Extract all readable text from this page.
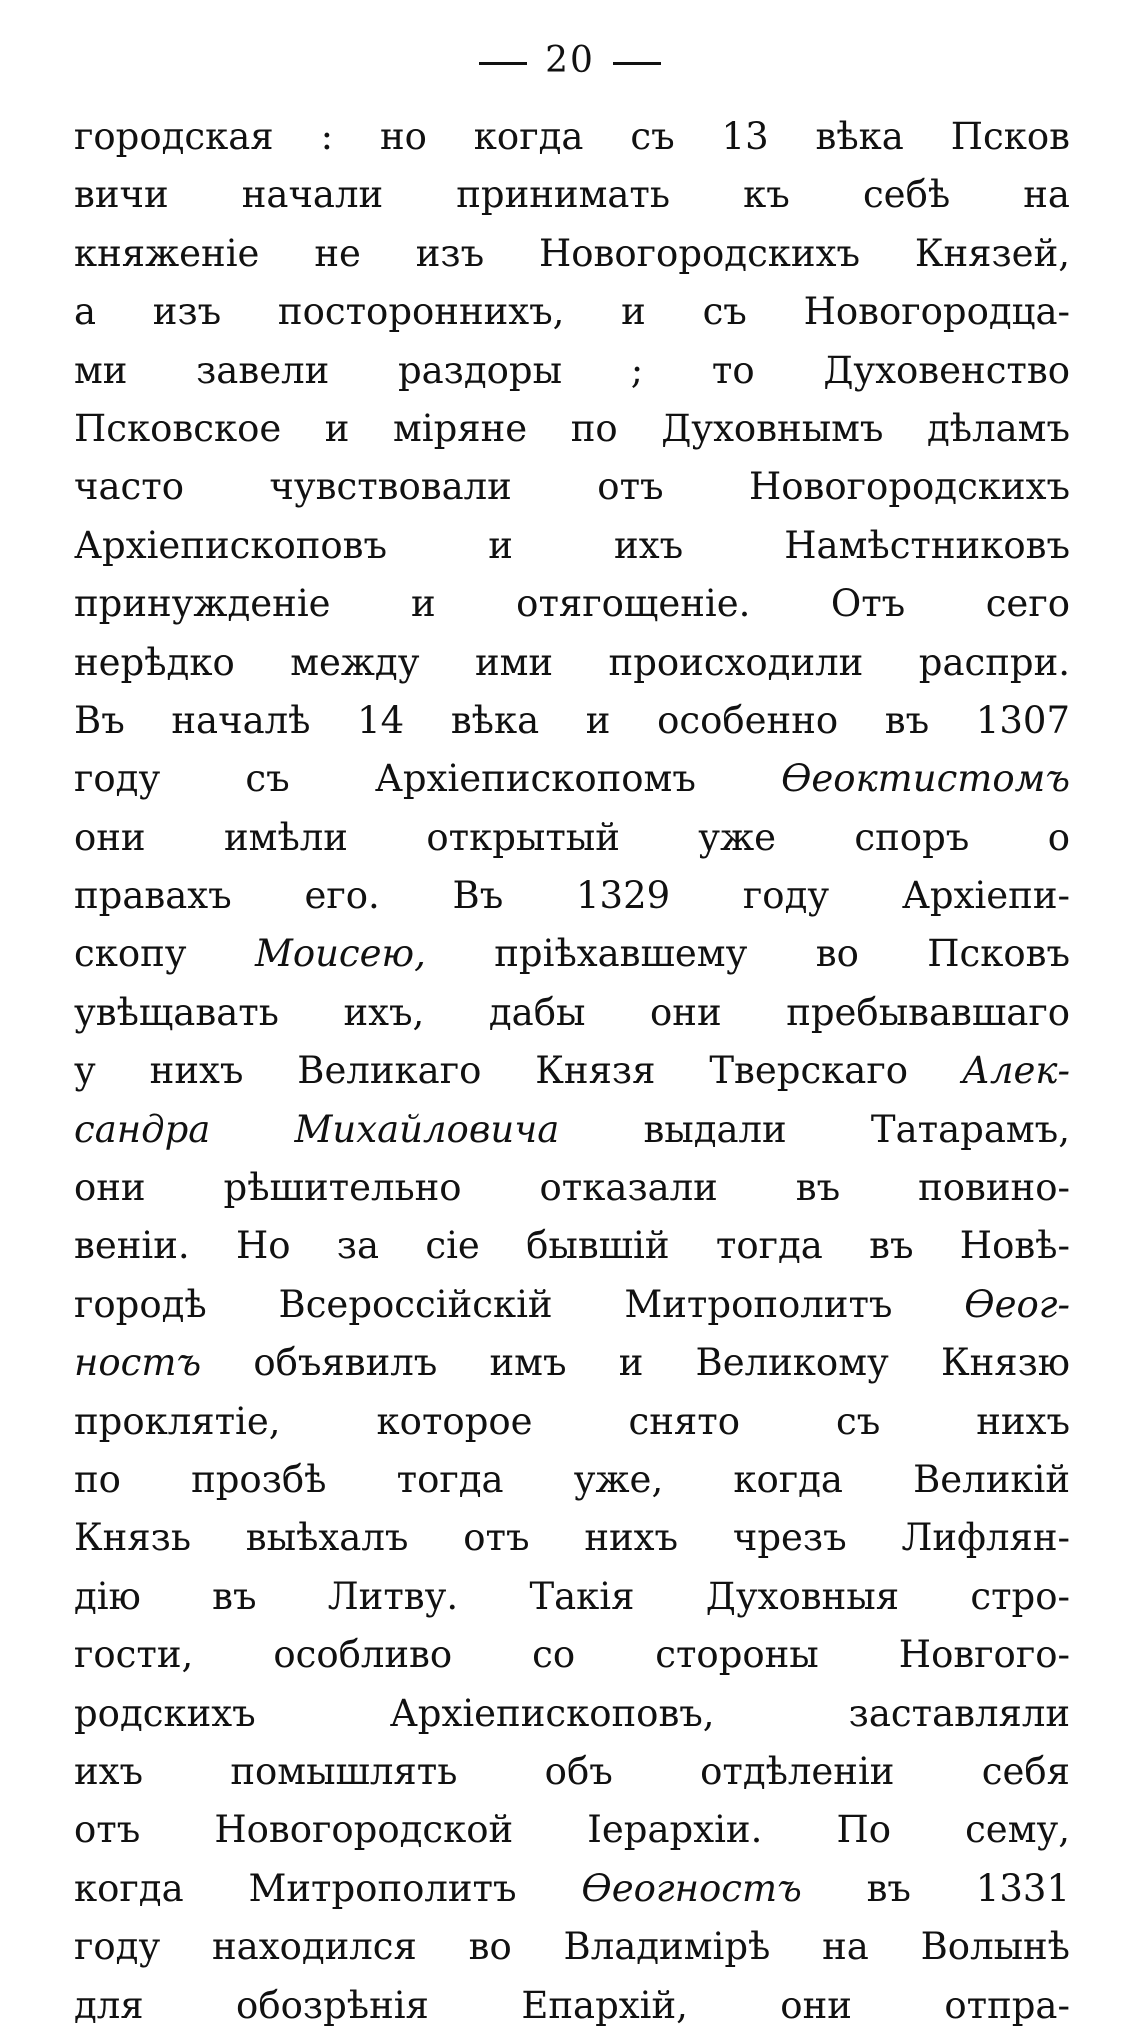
20
городская : но когда съ 13 вѣка Псков
вичи начали принимать къ себѣ на
княженіе не изъ Новогородскихъ Князей,
а изъ постороннихъ, и съ Новогородца-
ми завели раздоры ; то Духовенство
Псковское и міряне по Духовнымъ дѣламъ
часто чувствовали отъ Новогородскихъ
Архіепископовъ и ихъ Намѣстниковъ
принужденіе и отягощеніе. Отъ сего
нерѣдко между ими происходили распри.
Въ началѣ 14 вѣка и особенно въ 1307
году съ Архіепископомъ Ѳеоктистомъ
они имѣли открытый уже споръ о
правахъ его. Въ 1329 году Архіепи-
скопу Моисею, пріѣхавшему во Псковъ
увѣщавать ихъ, дабы они пребывавшаго
у нихъ Великаго Князя Тверскаго Алек-
сандра Михайловича выдали Татарамъ,
они рѣшительно отказали въ повино-
веніи. Но за сіе бывшій тогда въ Новѣ-
городѣ Всероссійскій Митрополитъ Ѳеог-
ностъ объявилъ имъ и Великому Князю
проклятіе, которое снято съ нихъ
по прозбѣ тогда уже, когда Великій
Князь выѣхалъ отъ нихъ чрезъ Лифлян-
дію въ Литву. Такія Духовныя стро-
гости, особливо со стороны Новгого-
родскихъ Архіепископовъ, заставляли
ихъ помышлять объ отдѣленіи себя
отъ Новогородской Іерархіи. По сему,
когда Митрополитъ Ѳеогностъ въ 1331
году находился во Владимірѣ на Волынѣ
для обозрѣнія Епархій, они отпра-
